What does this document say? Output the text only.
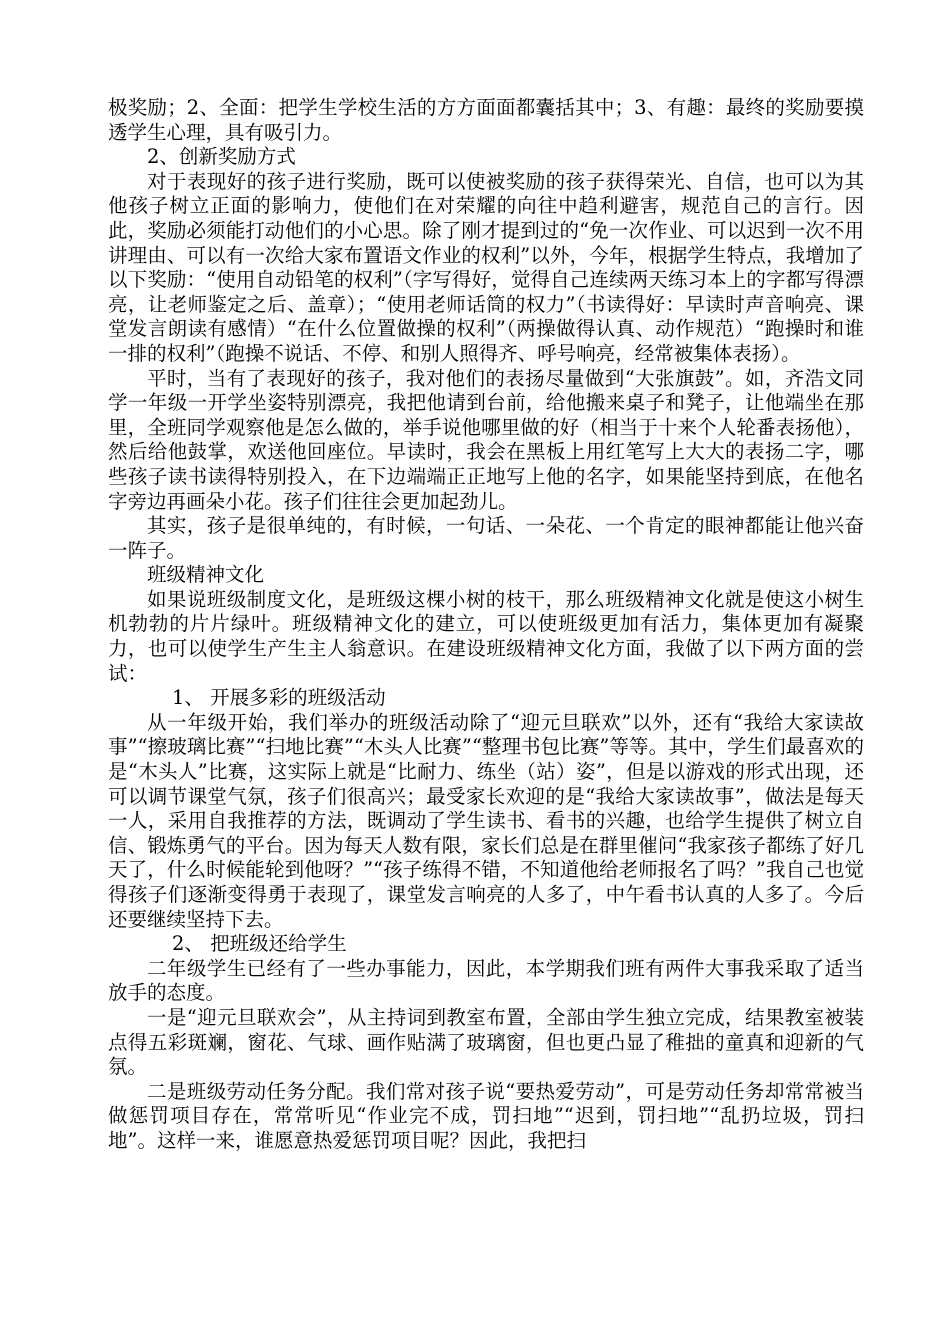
极奖励；2、全面：把学生学校生活的方方面面都囊括其中；3、有趣：最终的奖励要摸透学生心理，具有吸引力。

2、创新奖励方式

对于表现好的孩子进行奖励，既可以使被奖励的孩子获得荣光、自信，也可以为其他孩子树立正面的影响力，使他们在对荣耀的向往中趋利避害，规范自己的言行。因此，奖励必须能打动他们的小心思。除了刚才提到过的“免一次作业、可以迟到一次不用讲理由、可以有一次给大家布置语文作业的权利”以外，今年，根据学生特点，我增加了以下奖励：“使用自动铅笔的权利”（字写得好，觉得自己连续两天练习本上的字都写得漂亮，让老师鉴定之后、盖章）；“使用老师话筒的权力”（书读得好：早读时声音响亮、课堂发言朗读有感情）“在什么位置做操的权利”（两操做得认真、动作规范）“跑操时和谁一排的权利”（跑操不说话、不停、和别人照得齐、呼号响亮，经常被集体表扬）。

平时，当有了表现好的孩子，我对他们的表扬尽量做到“大张旗鼓”。如，齐浩文同学一年级一开学坐姿特别漂亮，我把他请到台前，给他搬来桌子和凳子，让他端坐在那里，全班同学观察他是怎么做的，举手说他哪里做的好（相当于十来个人轮番表扬他），然后给他鼓掌，欢送他回座位。早读时，我会在黑板上用红笔写上大大的表扬二字，哪些孩子读书读得特别投入，在下边端端正正地写上他的名字，如果能坚持到底，在他名字旁边再画朵小花。孩子们往往会更加起劲儿。

其实，孩子是很单纯的，有时候，一句话、一朵花、一个肯定的眼神都能让他兴奋一阵子。

班级精神文化

如果说班级制度文化，是班级这棵小树的枝干，那么班级精神文化就是使这小树生机勃勃的片片绿叶。班级精神文化的建立，可以使班级更加有活力，集体更加有凝聚力，也可以使学生产生主人翁意识。在建设班级精神文化方面，我做了以下两方面的尝试：

1、 开展多彩的班级活动

从一年级开始，我们举办的班级活动除了“迎元旦联欢”以外，还有“我给大家读故事”“擦玻璃比赛”“扫地比赛”“木头人比赛”“整理书包比赛”等等。其中，学生们最喜欢的是“木头人”比赛，这实际上就是“比耐力、练坐（站）姿”，但是以游戏的形式出现，还可以调节课堂气氛，孩子们很高兴；最受家长欢迎的是“我给大家读故事”，做法是每天一人，采用自我推荐的方法，既调动了学生读书、看书的兴趣，也给学生提供了树立自信、锻炼勇气的平台。因为每天人数有限，家长们总是在群里催问“我家孩子都练了好几天了，什么时候能轮到他呀？”“孩子练得不错，不知道他给老师报名了吗？”我自己也觉得孩子们逐渐变得勇于表现了，课堂发言响亮的人多了，中午看书认真的人多了。今后还要继续坚持下去。

2、 把班级还给学生

二年级学生已经有了一些办事能力，因此，本学期我们班有两件大事我采取了适当放手的态度。

一是“迎元旦联欢会”，从主持词到教室布置，全部由学生独立完成，结果教室被装点得五彩斑斓，窗花、气球、画作贴满了玻璃窗，但也更凸显了稚拙的童真和迎新的气氛。

二是班级劳动任务分配。我们常对孩子说“要热爱劳动”，可是劳动任务却常常被当做惩罚项目存在，常常听见“作业完不成，罚扫地”“迟到，罚扫地”“乱扔垃圾，罚扫地”。这样一来，谁愿意热爱惩罚项目呢？因此，我把扫
